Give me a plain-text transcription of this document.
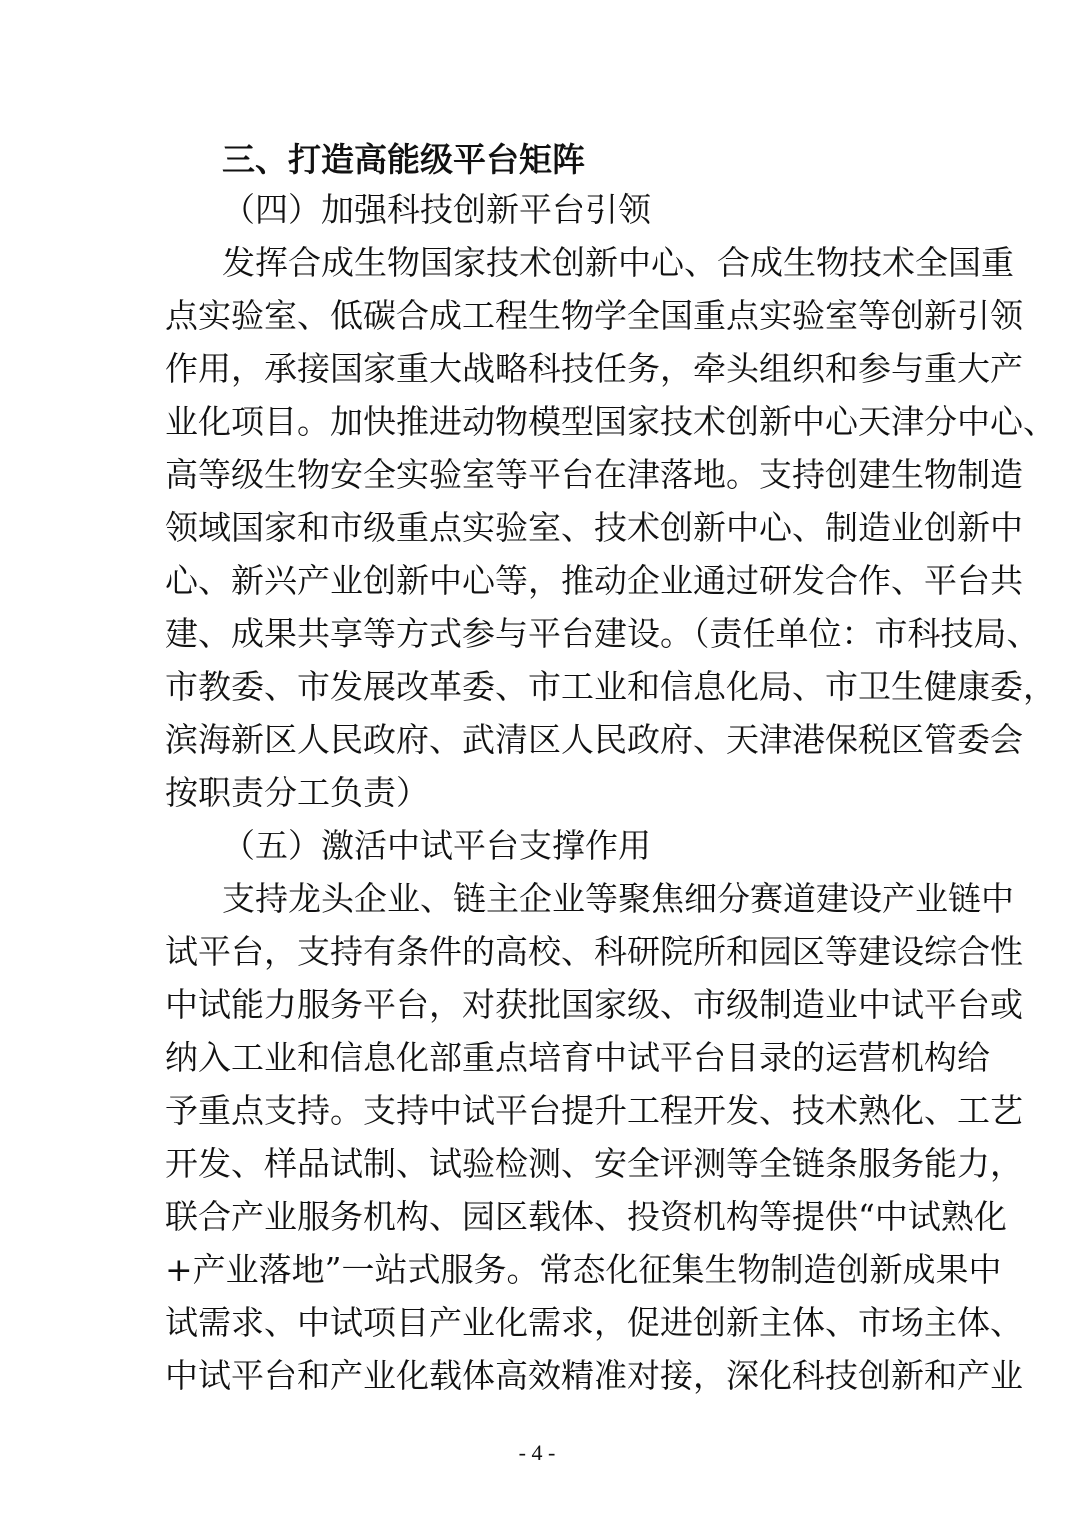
三、打造高能级平台矩阵
（四）加强科技创新平台引领
发挥合成生物国家技术创新中心、合成生物技术全国重
点实验室、低碳合成工程生物学全国重点实验室等创新引领
作用，承接国家重大战略科技任务，牵头组织和参与重大产
业化项目。加快推进动物模型国家技术创新中心天津分中心、
高等级生物安全实验室等平台在津落地。支持创建生物制造
领域国家和市级重点实验室、技术创新中心、制造业创新中
心、新兴产业创新中心等，推动企业通过研发合作、平台共
建、成果共享等方式参与平台建设。（责任单位：市科技局、
市教委、市发展改革委、市工业和信息化局、市卫生健康委，
滨海新区人民政府、武清区人民政府、天津港保税区管委会
按职责分工负责）
（五）激活中试平台支撑作用
支持龙头企业、链主企业等聚焦细分赛道建设产业链中
试平台，支持有条件的高校、科研院所和园区等建设综合性
中试能力服务平台，对获批国家级、市级制造业中试平台或
纳入工业和信息化部重点培育中试平台目录的运营机构给
予重点支持。支持中试平台提升工程开发、技术熟化、工艺
开发、样品试制、试验检测、安全评测等全链条服务能力，
联合产业服务机构、园区载体、投资机构等提供“中试熟化
+产业落地”一站式服务。常态化征集生物制造创新成果中
试需求、中试项目产业化需求，促进创新主体、市场主体、
中试平台和产业化载体高效精准对接，深化科技创新和产业
- 4 -
